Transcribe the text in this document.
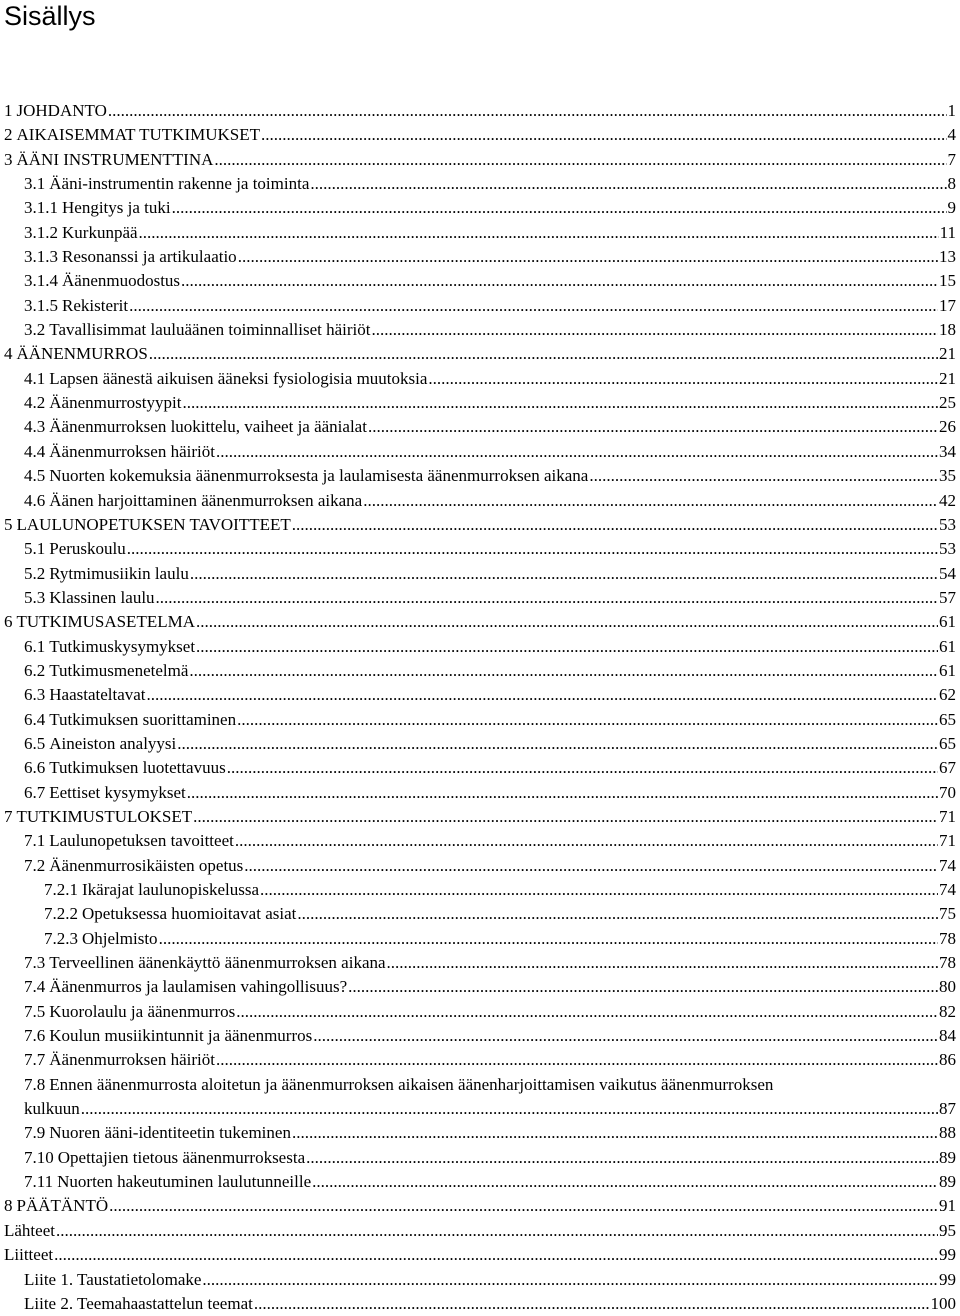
Sisällys
1 JOHDANTO .....	1
2 AIKAISEMMAT TUTKIMUKSET .....	4
3 ÄÄNI INSTRUMENTTINA .....	7
3.1 Ääni-instrumentin rakenne ja toiminta .....	8
3.1.1 Hengitys ja tuki .....	9
3.1.2 Kurkunpää .....	11
3.1.3 Resonanssi ja artikulaatio .....	13
3.1.4 Äänenmuodostus .....	15
3.1.5 Rekisterit .....	17
3.2 Tavallisimmat lauluäänen toiminnalliset häiriöt .....	18
4 ÄÄNENMURROS .....	21
4.1 Lapsen äänestä aikuisen ääneksi fysiologisia muutoksia .....	21
4.2 Äänenmurrostyypit .....	25
4.3 Äänenmurroksen luokittelu, vaiheet ja äänialat .....	26
4.4 Äänenmurroksen häiriöt .....	34
4.5 Nuorten kokemuksia äänenmurroksesta ja laulamisesta äänenmurroksen aikana .....	35
4.6 Äänen harjoittaminen äänenmurroksen aikana .....	42
5 LAULUNOPETUKSEN TAVOITTEET .....	53
5.1 Peruskoulu .....	53
5.2 Rytmimusiikin laulu .....	54
5.3 Klassinen laulu .....	57
6 TUTKIMUSASETELMA .....	61
6.1 Tutkimuskysymykset .....	61
6.2 Tutkimusmenetelmä .....	61
6.3 Haastateltavat .....	62
6.4 Tutkimuksen suorittaminen .....	65
6.5 Aineiston analyysi .....	65
6.6 Tutkimuksen luotettavuus .....	67
6.7 Eettiset kysymykset .....	70
7 TUTKIMUSTULOKSET .....	71
7.1 Laulunopetuksen tavoitteet .....	71
7.2 Äänenmurrosikäisten opetus .....	74
7.2.1 Ikärajat laulunopiskelussa .....	74
7.2.2 Opetuksessa huomioitavat asiat .....	75
7.2.3 Ohjelmisto .....	78
7.3 Terveellinen äänenkäyttö äänenmurroksen aikana .....	78
7.4 Äänenmurros ja laulamisen vahingollisuus? .....	80
7.5 Kuorolaulu ja äänenmurros .....	82
7.6 Koulun musiikintunnit ja äänenmurros .....	84
7.7 Äänenmurroksen häiriöt .....	86
7.8 Ennen äänenmurrosta aloitetun ja äänenmurroksen aikaisen äänenharjoittamisen vaikutus äänenmurroksen
kulkuun .....	87
7.9 Nuoren ääni-identiteetin tukeminen .....	88
7.10 Opettajien tietous äänenmurroksesta .....	89
7.11 Nuorten hakeutuminen laulutunneille .....	89
8 PÄÄTÄNTÖ .....	91
Lähteet .....	95
Liitteet .....	99
Liite 1. Taustatietolomake .....	99
Liite 2. Teemahaastattelun teemat .....	100
